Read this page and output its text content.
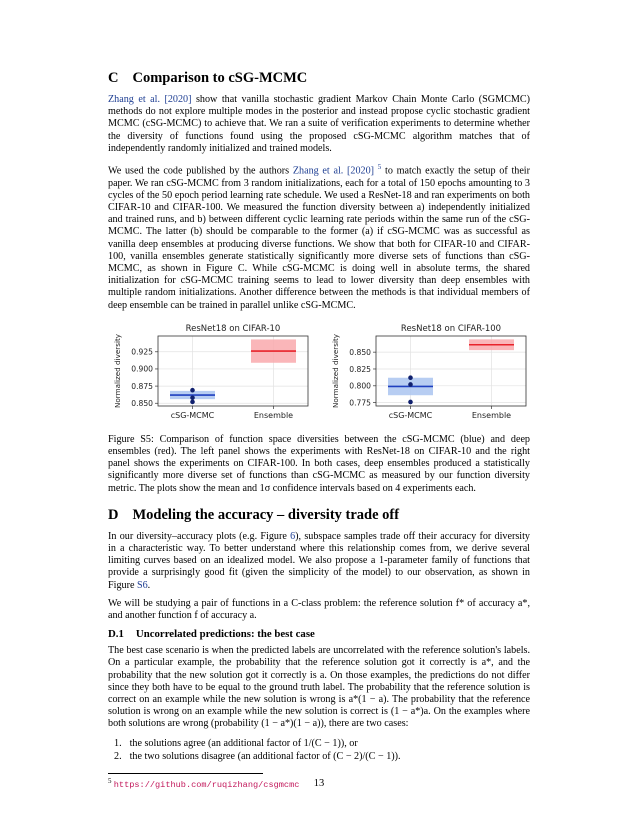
C Comparison to cSG-MCMC

Zhang et al. [2020] show that vanilla stochastic gradient Markov Chain Monte Carlo (SGMCMC) methods do not explore multiple modes in the posterior and instead propose cyclic stochastic gradient MCMC (cSG-MCMC) to achieve that. We ran a suite of verification experiments to determine whether the diversity of functions found using the proposed cSG-MCMC algorithm matches that of independently randomly initialized and trained models.

We used the code published by the authors Zhang et al. [2020] $^5$ to match exactly the setup of their paper. We ran cSG-MCMC from 3 random initializations, each for a total of 150 epochs amounting to 3 cycles of the 50 epoch period learning rate schedule. We used a ResNet-18 and ran experiments on both CIFAR-10 and CIFAR-100. We measured the function diversity between a) independently initialized and trained runs, and b) between different cyclic learning rate periods within the same run of the cSG-MCMC. The latter (b) should be comparable to the former (a) if cSG-MCMC was as successful as vanilla deep ensembles at producing diverse functions. We show that both for CIFAR-10 and CIFAR-100, vanilla ensembles generate statistically significantly more diverse sets of functions than cSG-MCMC, as shown in Figure C. While cSG-MCMC is doing well in absolute terms, the shared initialization for cSG-MCMC training seems to lead to lower diversity than deep ensembles with multiple random initializations. Another difference between the methods is that individual members of deep ensemble can be trained in parallel unlike cSG-MCMC.

ResNet18 on CIFAR-10
0.850
0.875
0.900
0.925
cSG-MCMC	Ensemble
Normalized diversity
ResNet18 on CIFAR-100
0.775
0.800
0.825
0.850
cSG-MCMC	Ensemble
Normalized diversity
Figure S5: Comparison of function space diversities between the cSG-MCMC (blue) and deep ensembles (red). The left panel shows the experiments with ResNet-18 on CIFAR-10 and the right panel shows the experiments on CIFAR-100. In both cases, deep ensembles produced a statistically significantly more diverse set of functions than cSG-MCMC as measured by our function diversity metric. The plots show the mean and 1σ confidence intervals based on 4 experiments each.
D Modeling the accuracy – diversity trade off

In our diversity–accuracy plots (e.g. Figure 6), subspace samples trade off their accuracy for diversity in a characteristic way. To better understand where this relationship comes from, we derive several limiting curves based on an idealized model. We also propose a 1-parameter family of functions that provide a surprisingly good fit (given the simplicity of the model) to our observation, as shown in Figure S6.

We will be studying a pair of functions in a C-class problem: the reference solution f* of accuracy a*, and another function f of accuracy a.

D.1 Uncorrelated predictions: the best case

The best case scenario is when the predicted labels are uncorrelated with the reference solution's labels. On a particular example, the probability that the reference solution got it correctly is a*, and the probability that the new solution got it correctly is a. On those examples, the predictions do not differ since they both have to be equal to the ground truth label. The probability that the reference solution is correct on an example while the new solution is wrong is a*(1 − a). The probability that the reference solution is wrong on an example while the new solution is correct is (1 − a*)a. On the examples where both solutions are wrong (probability (1 − a*)(1 − a)), there are two cases:

1. the solutions agree (an additional factor of 1/(C − 1)), or
2. the two solutions disagree (an additional factor of (C − 2)/(C − 1)).
$^5$ https://github.com/ruqizhang/csgmcmc	13
